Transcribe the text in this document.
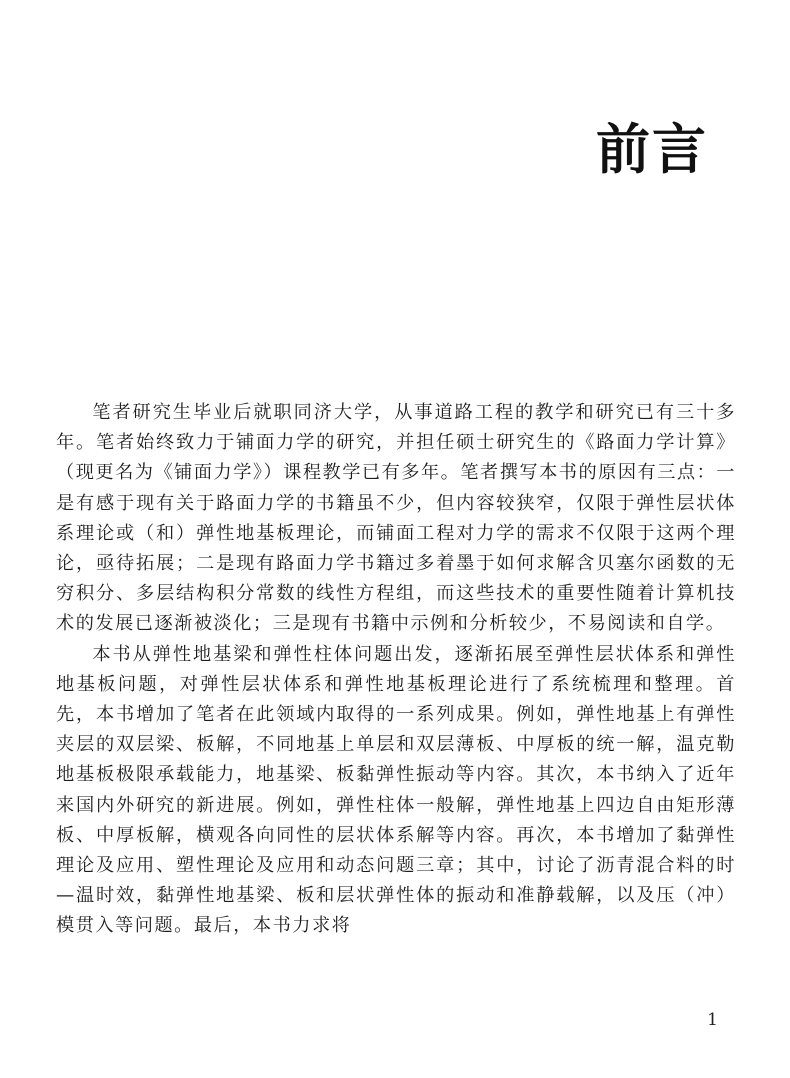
前言

笔者研究生毕业后就职同济大学，从事道路工程的教学和研究已有三十多年。笔者始终致力于铺面力学的研究，并担任硕士研究生的《路面力学计算》（现更名为《铺面力学》）课程教学已有多年。笔者撰写本书的原因有三点：一是有感于现有关于路面力学的书籍虽不少，但内容较狭窄，仅限于弹性层状体系理论或（和）弹性地基板理论，而铺面工程对力学的需求不仅限于这两个理论，亟待拓展；二是现有路面力学书籍过多着墨于如何求解含贝塞尔函数的无穷积分、多层结构积分常数的线性方程组，而这些技术的重要性随着计算机技术的发展已逐渐被淡化；三是现有书籍中示例和分析较少，不易阅读和自学。

本书从弹性地基梁和弹性柱体问题出发，逐渐拓展至弹性层状体系和弹性地基板问题，对弹性层状体系和弹性地基板理论进行了系统梳理和整理。首先，本书增加了笔者在此领域内取得的一系列成果。例如，弹性地基上有弹性夹层的双层梁、板解，不同地基上单层和双层薄板、中厚板的统一解，温克勒地基板极限承载能力，地基梁、板黏弹性振动等内容。其次，本书纳入了近年来国内外研究的新进展。例如，弹性柱体一般解，弹性地基上四边自由矩形薄板、中厚板解，横观各向同性的层状体系解等内容。再次，本书增加了黏弹性理论及应用、塑性理论及应用和动态问题三章；其中，讨论了沥青混合料的时—温时效，黏弹性地基梁、板和层状弹性体的振动和准静载解，以及压（冲）模贯入等问题。最后，本书力求将

1
